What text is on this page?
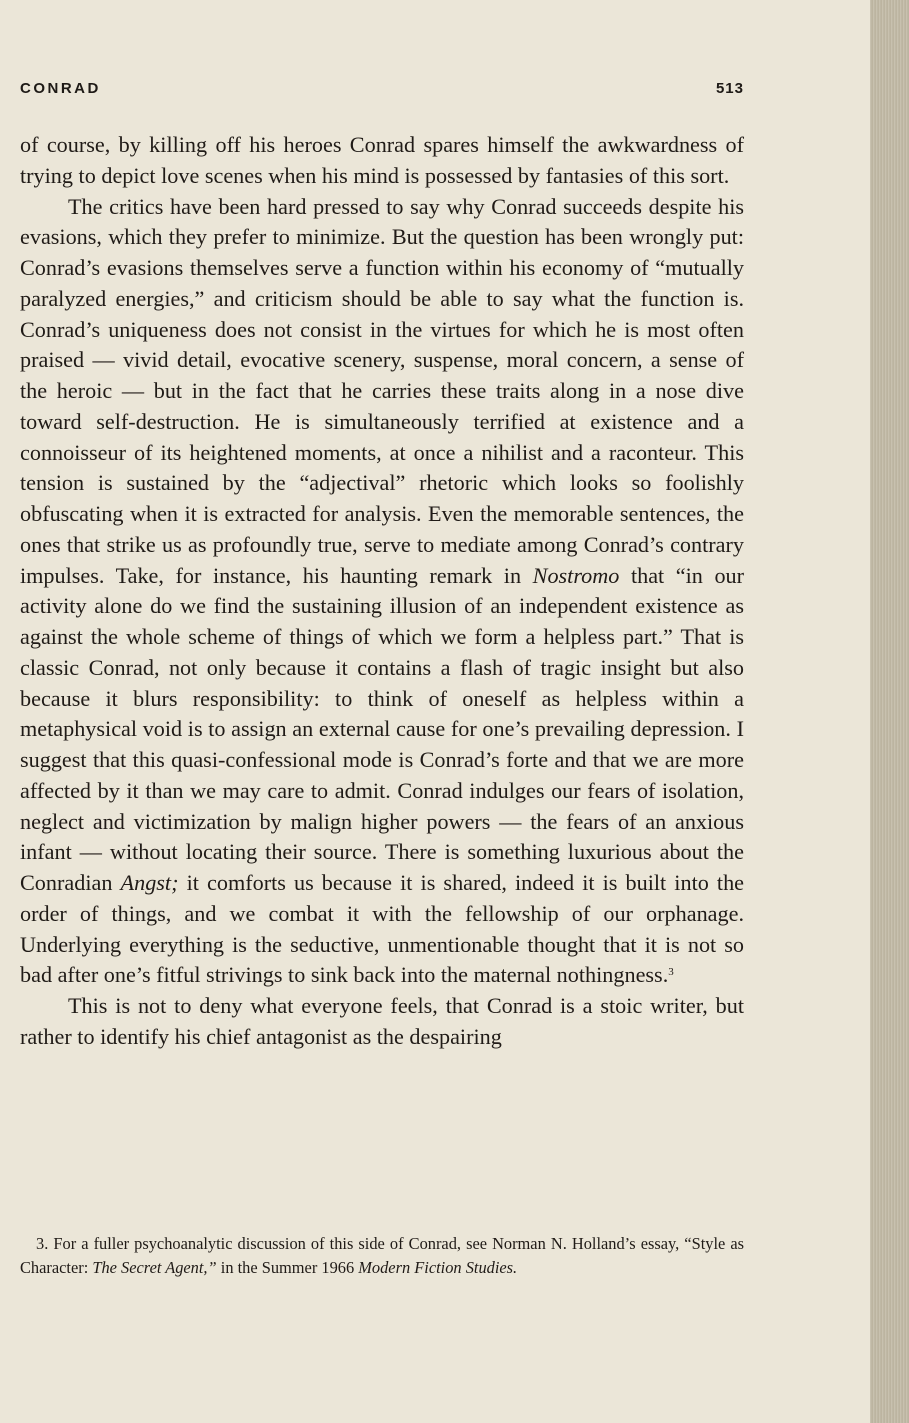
CONRAD	513

of course, by killing off his heroes Conrad spares himself the awkwardness of trying to depict love scenes when his mind is possessed by fantasies of this sort.

The critics have been hard pressed to say why Conrad succeeds despite his evasions, which they prefer to minimize. But the question has been wrongly put: Conrad’s evasions themselves serve a function within his economy of “mutually paralyzed energies,” and criticism should be able to say what the function is. Conrad’s uniqueness does not consist in the virtues for which he is most often praised — vivid detail, evocative scenery, suspense, moral concern, a sense of the heroic — but in the fact that he carries these traits along in a nose dive toward self-destruction. He is simultaneously terrified at existence and a connoisseur of its heightened moments, at once a nihilist and a raconteur. This tension is sustained by the “adjectival” rhetoric which looks so foolishly obfuscating when it is extracted for analysis. Even the memorable sentences, the ones that strike us as profoundly true, serve to mediate among Conrad’s contrary impulses. Take, for instance, his haunting remark in Nostromo that “in our activity alone do we find the sustaining illusion of an independent existence as against the whole scheme of things of which we form a helpless part.” That is classic Conrad, not only because it contains a flash of tragic insight but also because it blurs responsibility: to think of oneself as helpless within a metaphysical void is to assign an external cause for one’s prevailing depression. I suggest that this quasi-confessional mode is Conrad’s forte and that we are more affected by it than we may care to admit. Conrad indulges our fears of isolation, neglect and victimization by malign higher powers — the fears of an anxious infant — without locating their source. There is something luxurious about the Conradian Angst; it comforts us because it is shared, indeed it is built into the order of things, and we combat it with the fellowship of our orphanage. Underlying everything is the seductive, unmentionable thought that it is not so bad after one’s fitful strivings to sink back into the maternal nothingness.$^3$

This is not to deny what everyone feels, that Conrad is a stoic writer, but rather to identify his chief antagonist as the despairing

3. For a fuller psychoanalytic discussion of this side of Conrad, see Norman N. Holland’s essay, “Style as Character: The Secret Agent,” in the Summer 1966 Modern Fiction Studies.
